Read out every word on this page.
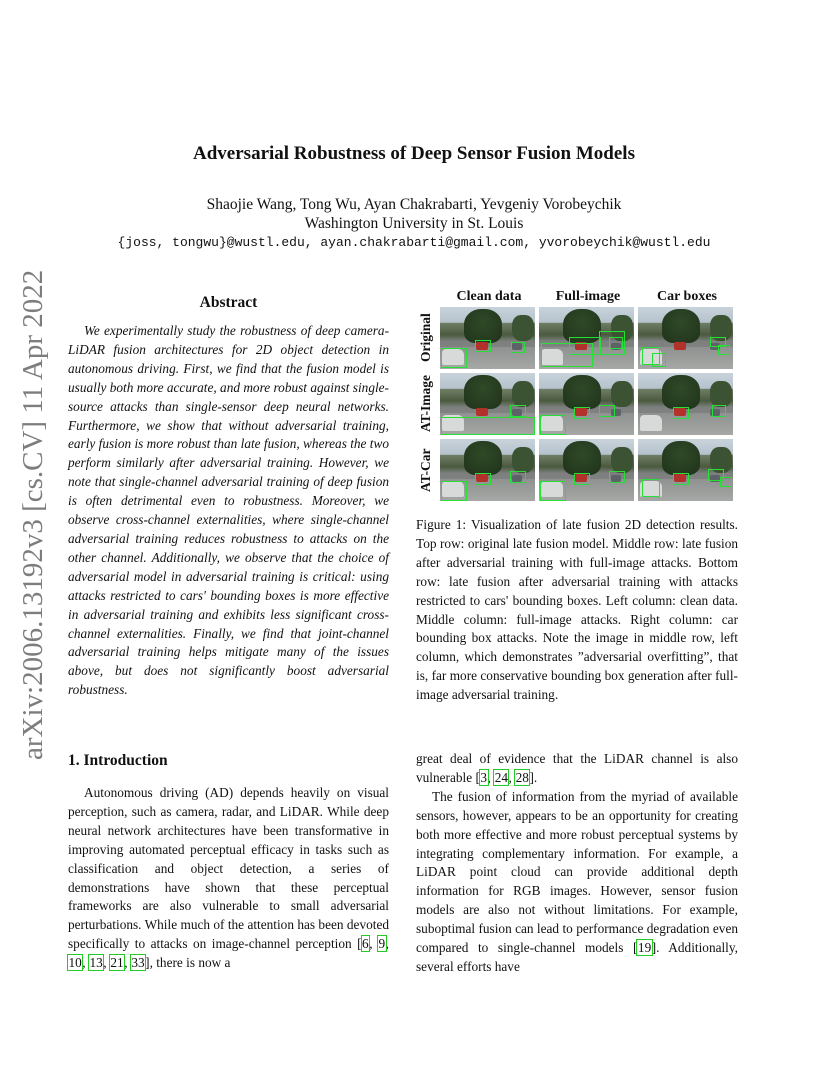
arXiv:2006.13192v3 [cs.CV] 11 Apr 2022
Adversarial Robustness of Deep Sensor Fusion Models
Shaojie Wang, Tong Wu, Ayan Chakrabarti, Yevgeniy Vorobeychik
Washington University in St. Louis
{joss, tongwu}@wustl.edu, ayan.chakrabarti@gmail.com, yvorobeychik@wustl.edu
Abstract
We experimentally study the robustness of deep camera-LiDAR fusion architectures for 2D object detection in autonomous driving. First, we find that the fusion model is usually both more accurate, and more robust against single-source attacks than single-sensor deep neural networks. Furthermore, we show that without adversarial training, early fusion is more robust than late fusion, whereas the two perform similarly after adversarial training. However, we note that single-channel adversarial training of deep fusion is often detrimental even to robustness. Moreover, we observe cross-channel externalities, where single-channel adversarial training reduces robustness to attacks on the other channel. Additionally, we observe that the choice of adversarial model in adversarial training is critical: using attacks restricted to cars' bounding boxes is more effective in adversarial training and exhibits less significant cross-channel externalities. Finally, we find that joint-channel adversarial training helps mitigate many of the issues above, but does not significantly boost adversarial robustness.
Clean data	Full-image	Car boxes
Original
AT-Image
AT-Car
Figure 1: Visualization of late fusion 2D detection results. Top row: original late fusion model. Middle row: late fusion after adversarial training with full-image attacks. Bottom row: late fusion after adversarial training with attacks restricted to cars' bounding boxes. Left column: clean data. Middle column: full-image attacks. Right column: car bounding box attacks. Note the image in middle row, left column, which demonstrates ”adversarial overfitting”, that is, far more conservative bounding box generation after full-image adversarial training.
1. Introduction
Autonomous driving (AD) depends heavily on visual perception, such as camera, radar, and LiDAR. While deep neural network architectures have been transformative in improving automated perceptual efficacy in tasks such as classification and object detection, a series of demonstrations have shown that these perceptual frameworks are also vulnerable to small adversarial perturbations. While much of the attention has been devoted specifically to attacks on image-channel perception [6, 9, 10, 13, 21, 33], there is now a

great deal of evidence that the LiDAR channel is also vulnerable [3, 24, 28].

The fusion of information from the myriad of available sensors, however, appears to be an opportunity for creating both more effective and more robust perceptual systems by integrating complementary information. For example, a LiDAR point cloud can provide additional depth information for RGB images. However, sensor fusion models are also not without limitations. For example, suboptimal fusion can lead to performance degradation even compared to single-channel models [19]. Additionally, several efforts have
